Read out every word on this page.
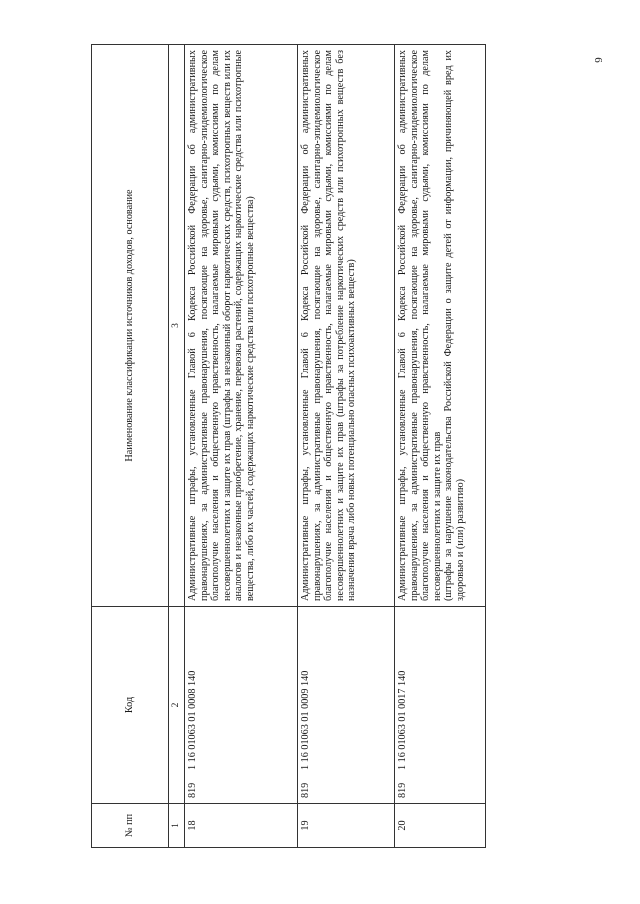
6
№ пп	Код	Наименование классификации источников доходов, основание
1	2	3
18	8191 16 01063 01 0008 140	Административные штрафы, установленные Главой 6 Кодекса Российской Федерации об административных правонарушениях, за административные правонарушения, посягающие на здоровье, санитарно-эпидемиологическое благополучие населения и общественную нравственность, налагаемые мировыми судьями, комиссиями по делам несовершеннолетних и защите их прав (штрафы за незаконный оборот наркотических средств, психотропных веществ или их аналогов и незаконные приобретение, хранение, перевозка растений, содержащих наркотические средства или психотропные вещества, либо их частей, содержащих наркотические средства или психотропные вещества)
19	8191 16 01063 01 0009 140	Административные штрафы, установленные Главой 6 Кодекса Российской Федерации об административных правонарушениях, за административные правонарушения, посягающие на здоровье, санитарно-эпидемиологическое благополучие населения и общественную нравственность, налагаемые мировыми судьями, комиссиями по делам несовершеннолетних и защите их прав (штрафы за потребление наркотических средств или психотропных веществ без назначения врача либо новых потенциально опасных психоактивных веществ)
20	8191 16 01063 01 0017 140	Административные штрафы, установленные Главой 6 Кодекса Российской Федерации об административных правонарушениях, за административные правонарушения, посягающие на здоровье, санитарно-эпидемиологическое благополучие населения и общественную нравственность, налагаемые мировыми судьями, комиссиями по делам несовершеннолетних и защите их прав (штрафы за нарушение законодательства Российской Федерации о защите детей от информации, причиняющей вред их здоровью и (или) развитию)
